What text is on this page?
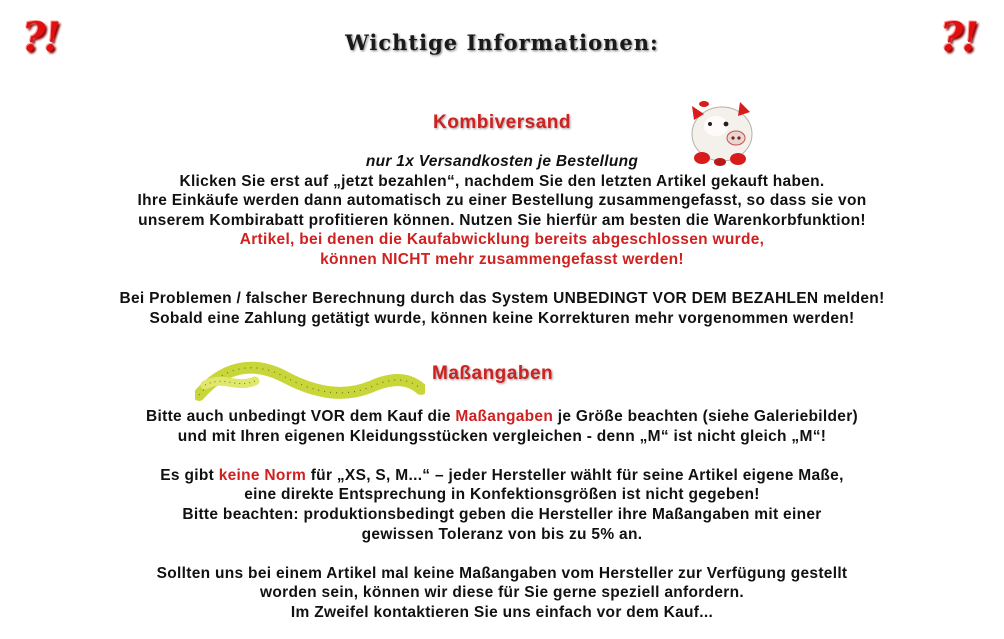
?!	?!
Wichtige Informationen:
Kombiversand

nur 1x Versandkosten je Bestellung

Klicken Sie erst auf „jetzt bezahlen“, nachdem Sie den letzten Artikel gekauft haben.

Ihre Einkäufe werden dann automatisch zu einer Bestellung zusammengefasst, so dass sie von

unserem Kombirabatt profitieren können. Nutzen Sie hierfür am besten die Warenkorbfunktion!

Artikel, bei denen die Kaufabwicklung bereits abgeschlossen wurde,

können NICHT mehr zusammengefasst werden!

Bei Problemen / falscher Berechnung durch das System UNBEDINGT VOR DEM BEZAHLEN melden!

Sobald eine Zahlung getätigt wurde, können keine Korrekturen mehr vorgenommen werden!

Maßangaben

Bitte auch unbedingt VOR dem Kauf die Maßangaben je Größe beachten (siehe Galeriebilder)

und mit Ihren eigenen Kleidungsstücken vergleichen - denn „M“ ist nicht gleich „M“!

Es gibt keine Norm für „XS, S, M...“ – jeder Hersteller wählt für seine Artikel eigene Maße,

eine direkte Entsprechung in Konfektionsgrößen ist nicht gegeben!

Bitte beachten: produktionsbedingt geben die Hersteller ihre Maßangaben mit einer

gewissen Toleranz von bis zu 5% an.

Sollten uns bei einem Artikel mal keine Maßangaben vom Hersteller zur Verfügung gestellt

worden sein, können wir diese für Sie gerne speziell anfordern.

Im Zweifel kontaktieren Sie uns einfach vor dem Kauf...
